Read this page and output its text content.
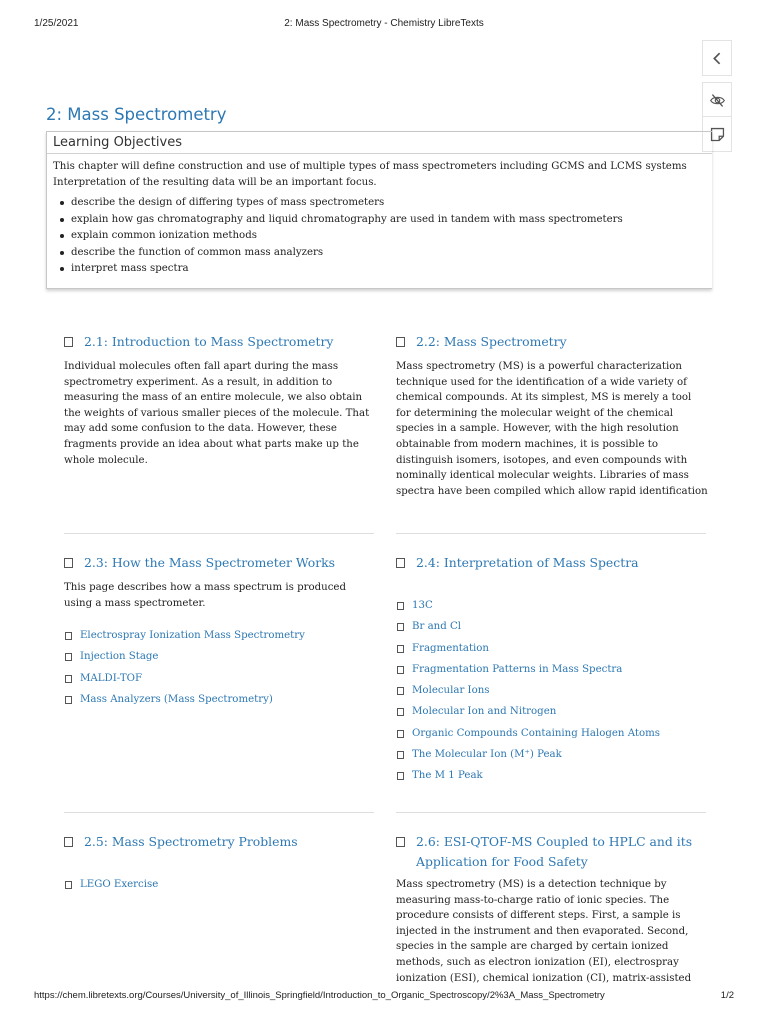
1/25/2021	2: Mass Spectrometry - Chemistry LibreTexts
2: Mass Spectrometry
Learning Objectives
This chapter will define construction and use of multiple types of mass spectrometers including GCMS and LCMS systems
Interpretation of the resulting data will be an important focus.
describe the design of differing types of mass spectrometers
explain how gas chromatography and liquid chromatography are used in tandem with mass spectrometers
explain common ionization methods
describe the function of common mass analyzers
interpret mass spectra
2.1: Introduction to Mass Spectrometry
Individual molecules often fall apart during the mass spectrometry experiment. As a result, in addition to measuring the mass of an entire molecule, we also obtain the weights of various smaller pieces of the molecule. That may add some confusion to the data. However, these fragments provide an idea about what parts make up the whole molecule.
2.2: Mass Spectrometry
Mass spectrometry (MS) is a powerful characterization technique used for the identification of a wide variety of chemical compounds. At its simplest, MS is merely a tool for determining the molecular weight of the chemical species in a sample. However, with the high resolution obtainable from modern machines, it is possible to distinguish isomers, isotopes, and even compounds with nominally identical molecular weights. Libraries of mass spectra have been compiled which allow rapid identification
2.3: How the Mass Spectrometer Works
This page describes how a mass spectrum is produced using a mass spectrometer.
Electrospray Ionization Mass Spectrometry
Injection Stage
MALDI-TOF
Mass Analyzers (Mass Spectrometry)
2.4: Interpretation of Mass Spectra
13C
Br and Cl
Fragmentation
Fragmentation Patterns in Mass Spectra
Molecular Ions
Molecular Ion and Nitrogen
Organic Compounds Containing Halogen Atoms
The Molecular Ion (M⁺) Peak
The M 1 Peak
2.5: Mass Spectrometry Problems
LEGO Exercise
2.6: ESI-QTOF-MS Coupled to HPLC and its Application for Food Safety
Mass spectrometry (MS) is a detection technique by measuring mass-to-charge ratio of ionic species. The procedure consists of different steps. First, a sample is injected in the instrument and then evaporated. Second, species in the sample are charged by certain ionized methods, such as electron ionization (EI), electrospray ionization (ESI), chemical ionization (CI), matrix-assisted
https://chem.libretexts.org/Courses/University_of_Illinois_Springfield/Introduction_to_Organic_Spectroscopy/2%3A_Mass_Spectrometry	1/2
